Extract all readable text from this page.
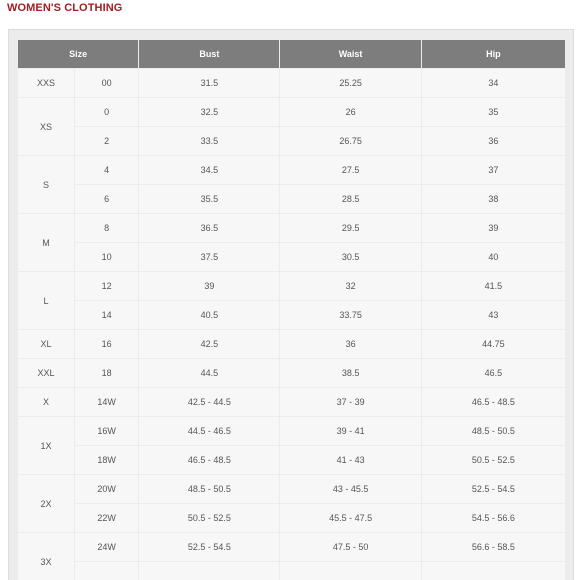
WOMEN'S CLOTHING
Size		Bust	Waist	Hip
XXS	00	31.5	25.25	34
XS	0	32.5	26	35
	2	33.5	26.75	36
S	4	34.5	27.5	37
	6	35.5	28.5	38
M	8	36.5	29.5	39
	10	37.5	30.5	40
L	12	39	32	41.5
	14	40.5	33.75	43
XL	16	42.5	36	44.75
XXL	18	44.5	38.5	46.5
X	14W	42.5 - 44.5	37 - 39	46.5 - 48.5
1X	16W	44.5 - 46.5	39 - 41	48.5 - 50.5
	18W	46.5 - 48.5	41 - 43	50.5 - 52.5
2X	20W	48.5 - 50.5	43 - 45.5	52.5 - 54.5
	22W	50.5 - 52.5	45.5 - 47.5	54.5 - 56.6
3X	24W	52.5 - 54.5	47.5 - 50	56.6 - 58.5
